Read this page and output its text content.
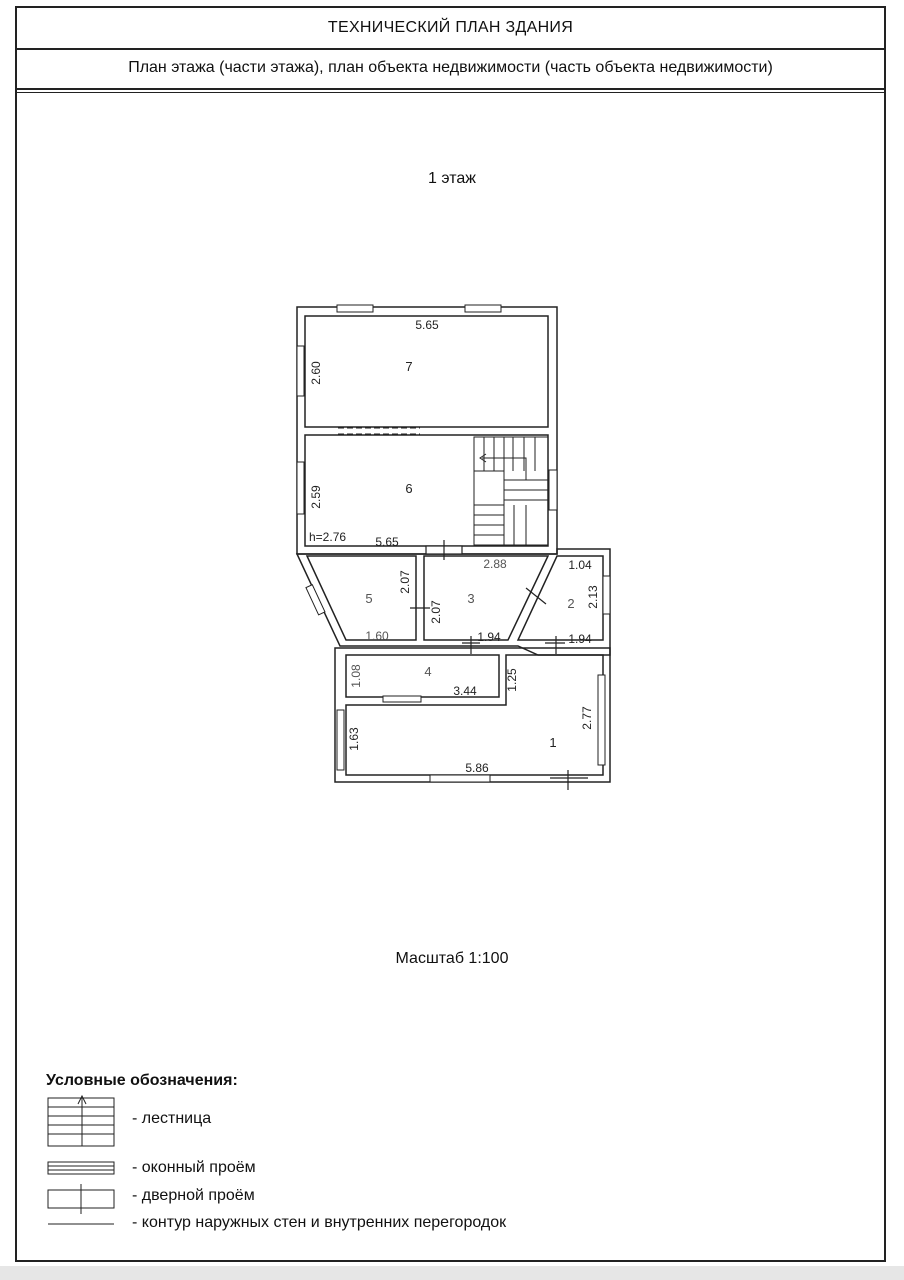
ТЕХНИЧЕСКИЙ ПЛАН ЗДАНИЯ
План этажа (части этажа), план объекта недвижимости (часть объекта недвижимости)
1 этаж
7
6
5	3	2
4
1
5.65
2.60
2.59
h=2.76 5.65
2.88
2.07
2.07
1.60	1.94
1.04
2.13
1.94
1.08
3.44 1.25
2.77
1.63
5.86
Масштаб 1:100
Условные обозначения:
- лестница
- оконный проём
- дверной проём
- контур наружных стен и внутренних перегородок
